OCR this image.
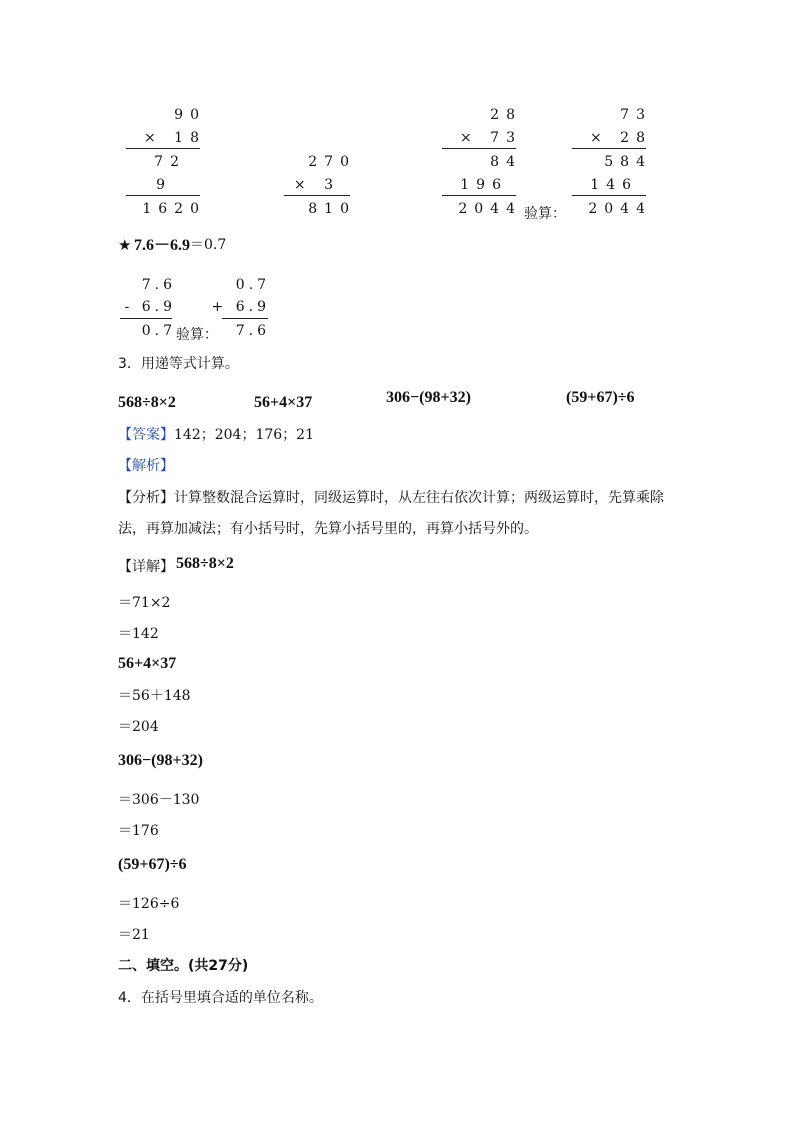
90
× 18
72
9
1620
270
× 3
810
28
× 73
84
196
2044 验算：
73
× 28
584
146
2044
★ 7.6－6.9 ＝0.7
7.6
- 6.9
0.7 验算：
0.7
+ 6.9
7.6
3．用递等式计算。
568÷8×2	56+4×37	306−(98+32)	(59+67)÷6
【答案】142；204；176；21
【解析】
【分析】计算整数混合运算时，同级运算时，从左往右依次计算；两级运算时，先算乘除
法，再算加减法；有小括号时，先算小括号里的，再算小括号外的。
【详解】 568÷8×2
＝71×2
＝142
56+4×37
＝56＋148
＝204
306−(98+32)
＝306－130
＝176
(59+67)÷6
＝126÷6
＝21
二、填空。(共27分)
4．在括号里填合适的单位名称。
